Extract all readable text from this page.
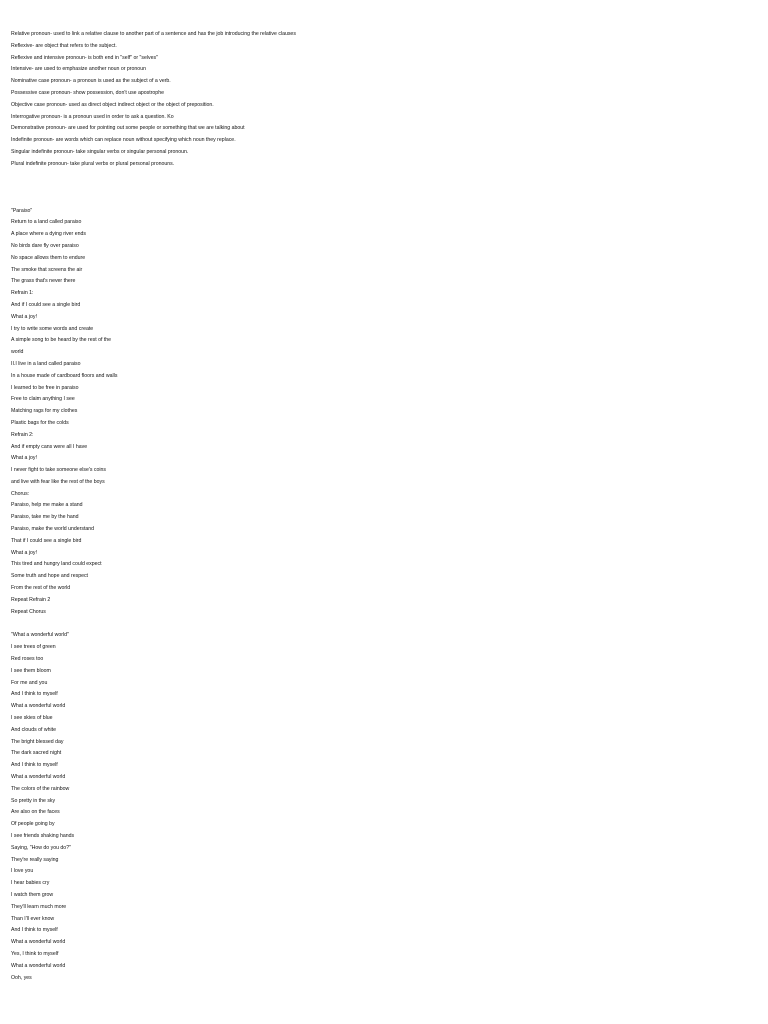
Relative pronoun- used to link a relative clause to another part of a sentence and has the job introducing the relative clauses
Reflexive- are object that refers to the subject.
Reflexive and intensive pronoun- is both end in "self" or "selves"
Intensive- are used to emphasize another noun or pronoun
Nominative case pronoun- a pronoun is used as the subject of a verb.
Possessive case pronoun- show possession, don't use apostrophe
Objective case pronoun- used as direct object indirect object or the object of preposition.
Interrogative pronoun- is a pronoun used in order to ask a question. Ko
Demonstrative pronoun- are used for pointing out some people or something that we are talking about
Indefinite pronoun- are words which can replace noun without specifying which noun they replace.
Singular indefinite pronoun- take singular verbs or singular personal pronoun.
Plural indefinite pronoun- take plural verbs or plural personal pronouns.
"Paraiso"
Return to a land called paraiso
A place where a dying river ends
No birds dare fly over paraiso
No space allows them to endure
The smoke that screens the air
The grass that's never there
Refrain 1:
And if I could see a single bird
What a joy!
I try to write some words and create
A simple song to be heard by the rest of the
world
II.I live in a land called paraiso
In a house made of cardboard floors and walls
I learned to be free in paraiso
Free to claim anything I see
Matching rags for my clothes
Plastic bags for the colds
Refrain 2:
And if empty cans were all I have
What a joy!
I never fight to take someone else's coins
and live with fear like the rest of the boys
Chorus:
Paraiso, help me make a stand
Paraiso, take me by the hand
Paraiso, make the world understand
That if I could see a single bird
What a joy!
This tired and hungry land could expect
Some truth and hope and respect
From the rest of the world
Repeat Refrain 2
Repeat Chorus
"What a wonderful world"
I see trees of green
Red roses too
I see them bloom
For me and you
And I think to myself
What a wonderful world
I see skies of blue
And clouds of white
The bright blessed day
The dark sacred night
And I think to myself
What a wonderful world
The colors of the rainbow
So pretty in the sky
Are also on the faces
Of people going by
I see friends shaking hands
Saying, "How do you do?"
They're really saying
I love you
I hear babies cry
I watch them grow
They'll learn much more
Than I'll ever know
And I think to myself
What a wonderful world
Yes, I think to myself
What a wonderful world
Ooh, yes
